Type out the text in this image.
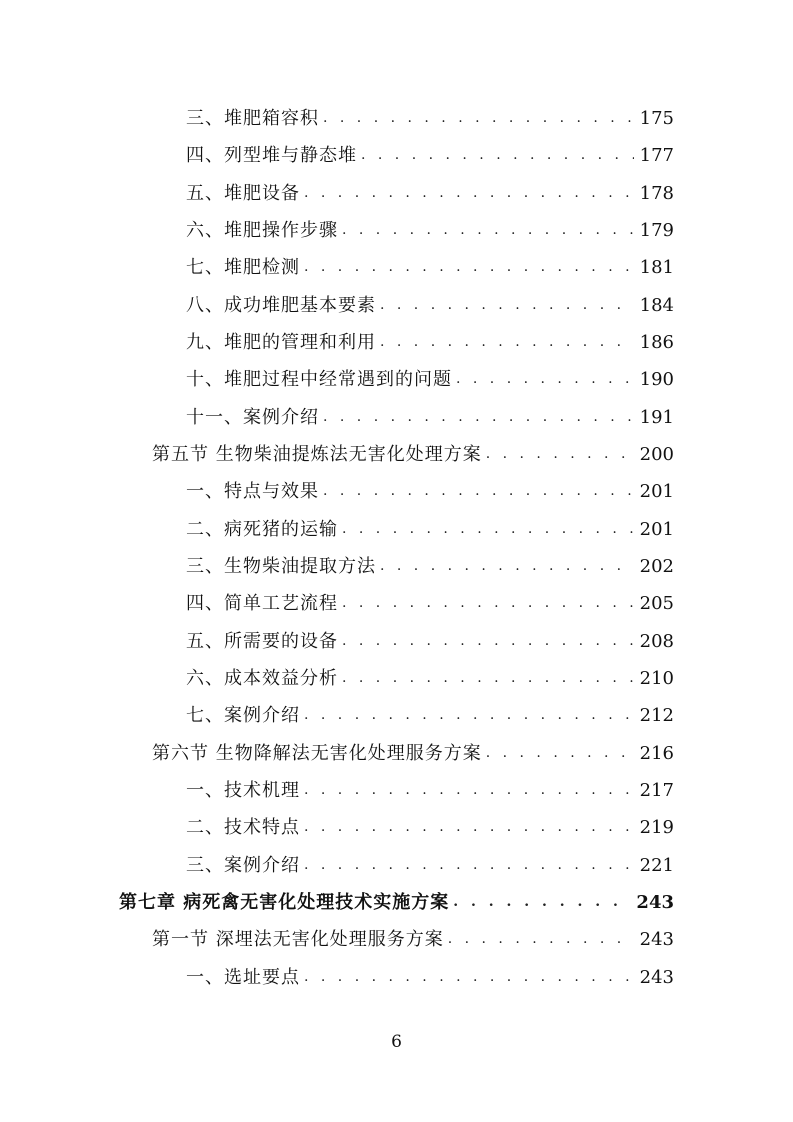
三、堆肥箱容积 . . .	175
四、列型堆与静态堆 . . .	177
五、堆肥设备 . . .	178
六、堆肥操作步骤 . . .	179
七、堆肥检测 . . .	181
八、成功堆肥基本要素 . . .	184
九、堆肥的管理和利用 . . .	186
十、堆肥过程中经常遇到的问题 . . .	190
十一、案例介绍 . . .	191
第五节 生物柴油提炼法无害化处理方案 . . .	200
一、特点与效果 . . .	201
二、病死猪的运输 . . .	201
三、生物柴油提取方法 . . .	202
四、简单工艺流程 . . .	205
五、所需要的设备 . . .	208
六、成本效益分析 . . .	210
七、案例介绍 . . .	212
第六节 生物降解法无害化处理服务方案 . . .	216
一、技术机理 . . .	217
二、技术特点 . . .	219
三、案例介绍 . . .	221
第七章 病死禽无害化处理技术实施方案 . . .	243
第一节 深埋法无害化处理服务方案 . . .	243
一、选址要点 . . .	243
6
